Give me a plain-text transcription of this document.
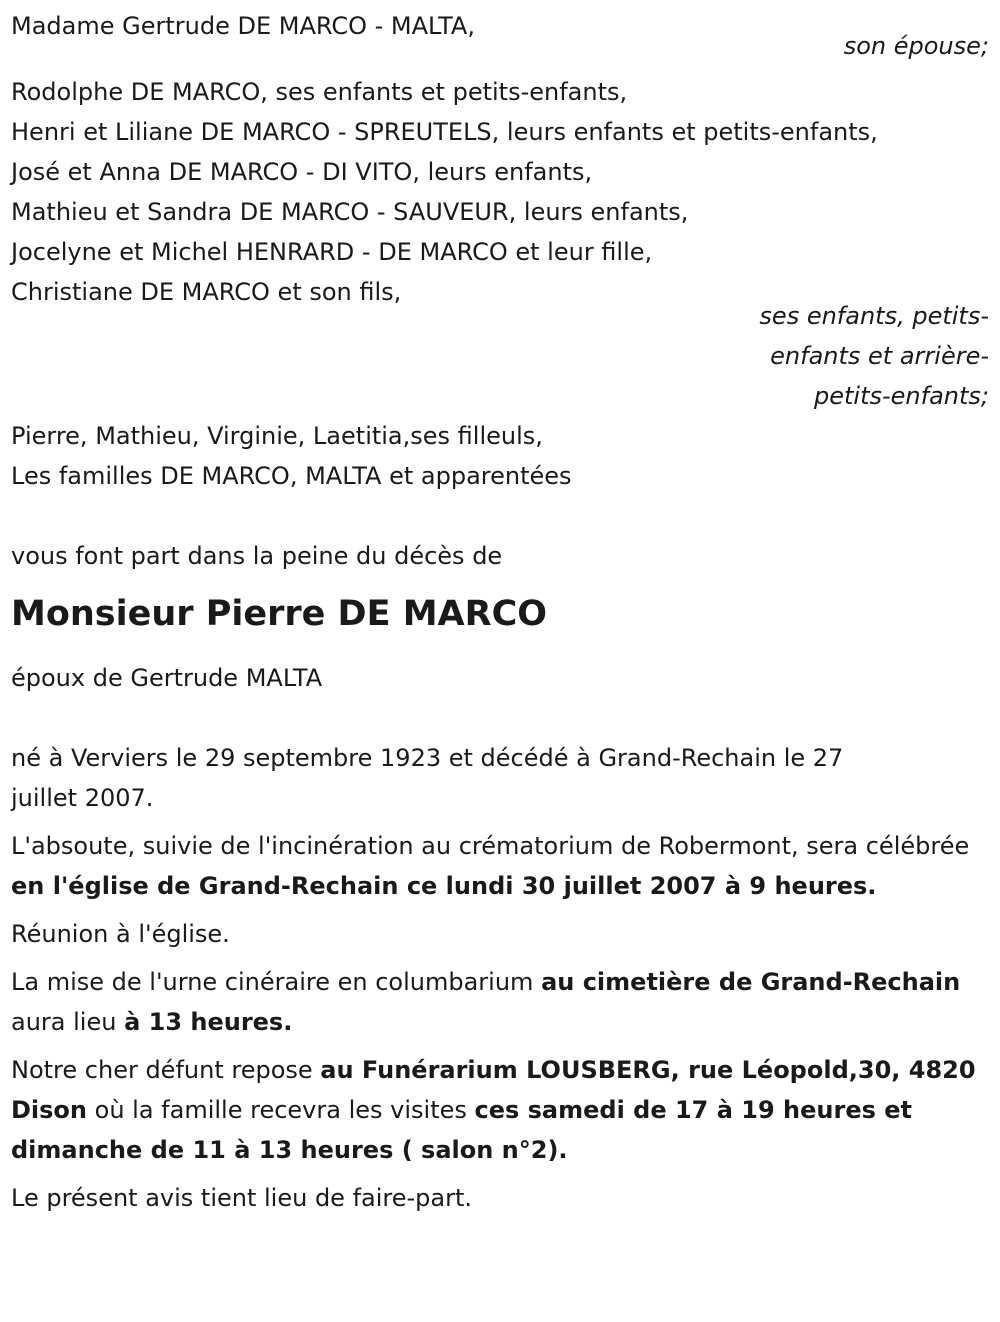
Madame Gertrude DE MARCO - MALTA,
son épouse;
Rodolphe DE MARCO, ses enfants et petits-enfants,
Henri et Liliane DE MARCO - SPREUTELS, leurs enfants et petits-enfants,
José et Anna DE MARCO - DI VITO, leurs enfants,
Mathieu et Sandra DE MARCO - SAUVEUR, leurs enfants,
Jocelyne et Michel HENRARD - DE MARCO et leur fille,
Christiane DE MARCO et son fils,
ses enfants, petits-
enfants et arrière-
petits-enfants;
Pierre, Mathieu, Virginie, Laetitia,ses filleuls,
Les familles DE MARCO, MALTA et apparentées
vous font part dans la peine du décès de
Monsieur Pierre DE MARCO
époux de Gertrude MALTA
né à Verviers le 29 septembre 1923 et décédé à Grand-Rechain le 27
juillet 2007.
L'absoute, suivie de l'incinération au crématorium de Robermont, sera célébrée en l'église de Grand-Rechain ce lundi 30 juillet 2007 à 9 heures.
Réunion à l'église.
La mise de l'urne cinéraire en columbarium au cimetière de Grand-Rechain aura lieu à 13 heures.
Notre cher défunt repose au Funérarium LOUSBERG, rue Léopold,30, 4820 Dison où la famille recevra les visites ces samedi de 17 à 19 heures et dimanche de 11 à 13 heures ( salon n°2).
Le présent avis tient lieu de faire-part.
